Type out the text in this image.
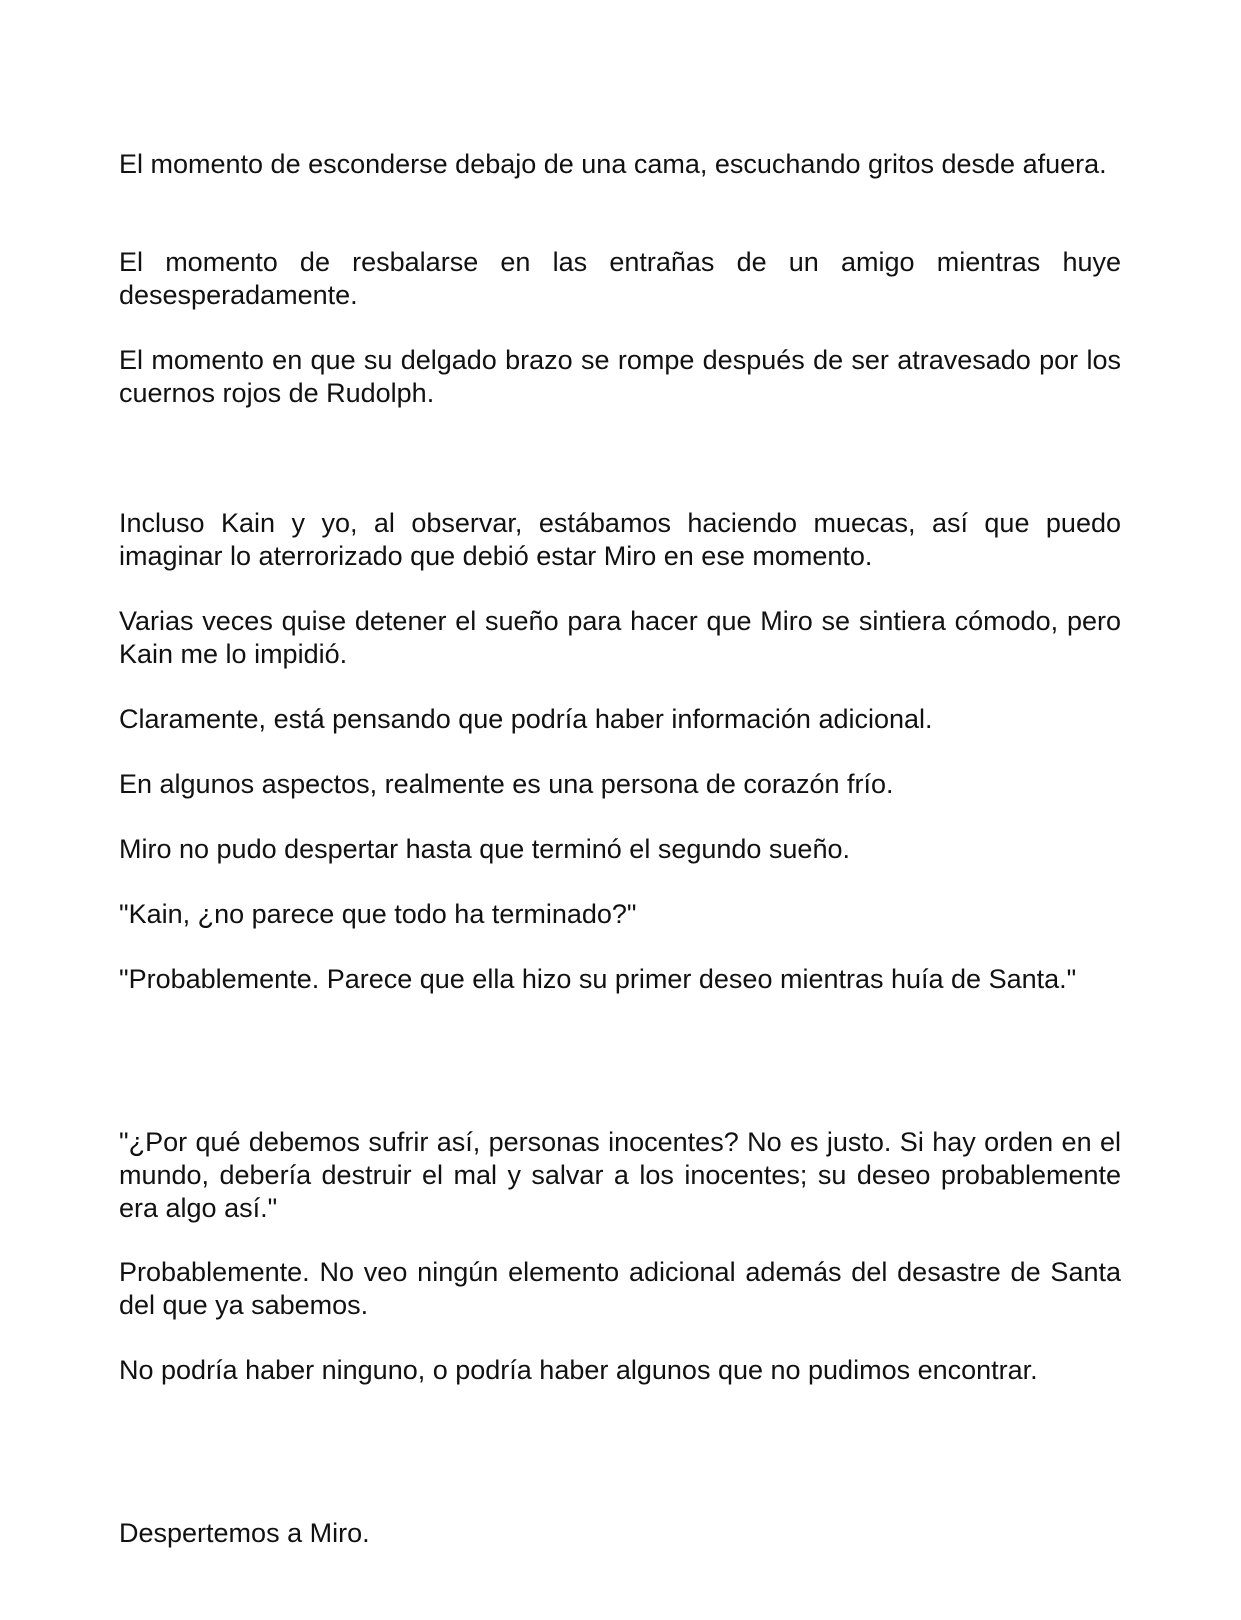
El momento de esconderse debajo de una cama, escuchando gritos desde afuera.

El momento de resbalarse en las entrañas de un amigo mientras huye desesperadamente.

El momento en que su delgado brazo se rompe después de ser atravesado por los cuernos rojos de Rudolph.

Incluso Kain y yo, al observar, estábamos haciendo muecas, así que puedo imaginar lo aterrorizado que debió estar Miro en ese momento.

Varias veces quise detener el sueño para hacer que Miro se sintiera cómodo, pero Kain me lo impidió.

Claramente, está pensando que podría haber información adicional.

En algunos aspectos, realmente es una persona de corazón frío.

Miro no pudo despertar hasta que terminó el segundo sueño.

"Kain, ¿no parece que todo ha terminado?"

"Probablemente. Parece que ella hizo su primer deseo mientras huía de Santa."

"¿Por qué debemos sufrir así, personas inocentes? No es justo. Si hay orden en el mundo, debería destruir el mal y salvar a los inocentes; su deseo probablemente era algo así."

Probablemente. No veo ningún elemento adicional además del desastre de Santa del que ya sabemos.

No podría haber ninguno, o podría haber algunos que no pudimos encontrar.

Despertemos a Miro.
